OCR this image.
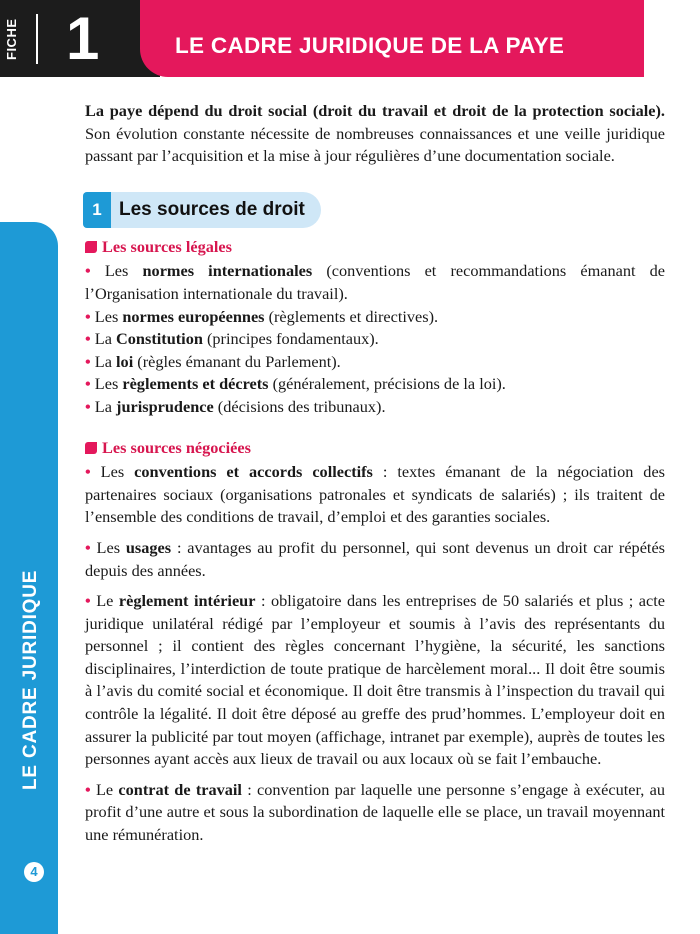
FICHE 1	LE CADRE JURIDIQUE DE LA PAYE
LE CADRE JURIDIQUE
4

La paye dépend du droit social (droit du travail et droit de la protection sociale). Son évolution constante nécessite de nombreuses connaissances et une veille juridique passant par l’acquisition et la mise à jour régulières d’une documentation sociale.

1 Les sources de droit
Les sources légales
• Les normes internationales (conventions et recommandations émanant de l’Organisation internationale du travail).
• Les normes européennes (règlements et directives).
• La Constitution (principes fondamentaux).
• La loi (règles émanant du Parlement).
• Les règlements et décrets (généralement, précisions de la loi).
• La jurisprudence (décisions des tribunaux).
Les sources négociées
• Les conventions et accords collectifs : textes émanant de la négociation des partenaires sociaux (organisations patronales et syndicats de salariés) ; ils traitent de l’ensemble des conditions de travail, d’emploi et des garanties sociales.
• Les usages : avantages au profit du personnel, qui sont devenus un droit car répétés depuis des années.
• Le règlement intérieur : obligatoire dans les entreprises de 50 salariés et plus ; acte juridique unilatéral rédigé par l’employeur et soumis à l’avis des représentants du personnel ; il contient des règles concernant l’hygiène, la sécurité, les sanctions disciplinaires, l’interdiction de toute pratique de harcèlement moral... Il doit être soumis à l’avis du comité social et économique. Il doit être transmis à l’inspection du travail qui contrôle la légalité. Il doit être déposé au greffe des prud’hommes. L’employeur doit en assurer la publicité par tout moyen (affichage, intranet par exemple), auprès de toutes les personnes ayant accès aux lieux de travail ou aux locaux où se fait l’embauche.
• Le contrat de travail : convention par laquelle une personne s’engage à exécuter, au profit d’une autre et sous la subordination de laquelle elle se place, un travail moyennant une rémunération.
